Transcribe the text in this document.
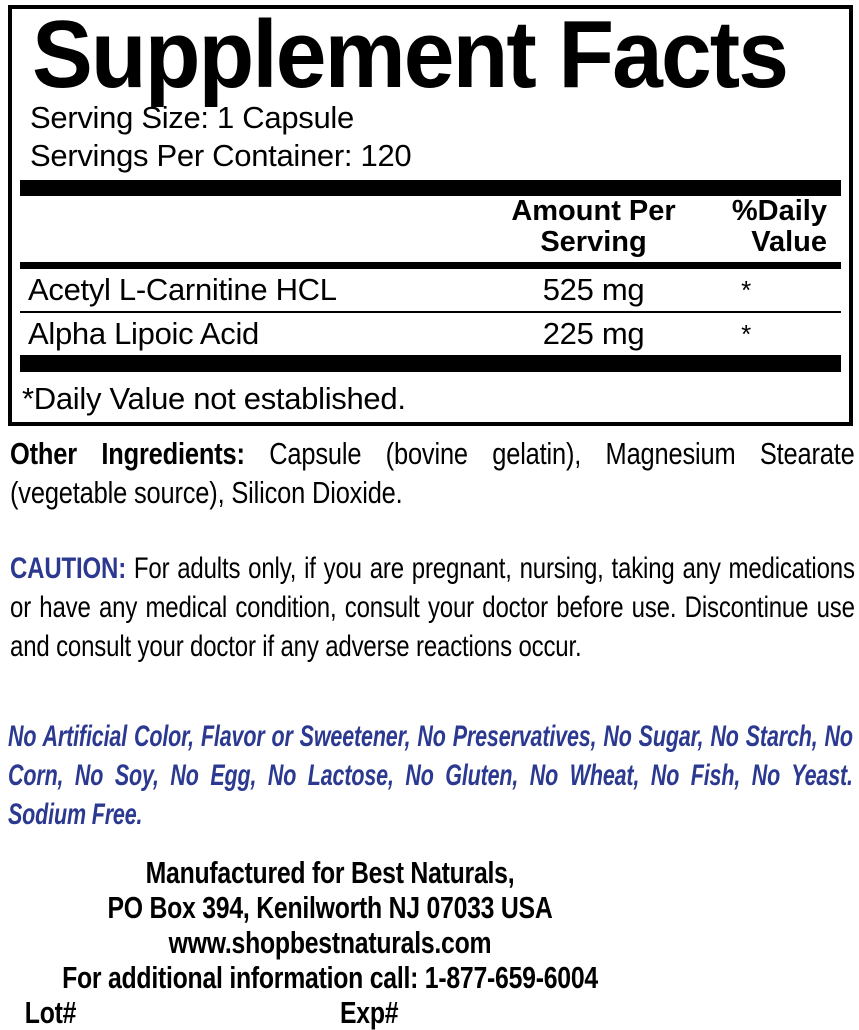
Supplement Facts
Serving Size: 1 Capsule
Servings Per Container: 120
Amount Per Serving
%Daily Value
Acetyl L-Carnitine HCL	525 mg	*
Alpha Lipoic Acid	225 mg	*
*Daily Value not established.

Other Ingredients: Capsule (bovine gelatin), Magnesium Stearate (vegetable source), Silicon Dioxide.

CAUTION: For adults only, if you are pregnant, nursing, taking any medications or have any medical condition, consult your doctor before use. Discontinue use and consult your doctor if any adverse reactions occur.

No Artificial Color, Flavor or Sweetener, No Preservatives, No Sugar, No Starch, No Corn, No Soy, No Egg, No Lactose, No Gluten, No Wheat, No Fish, No Yeast. Sodium Free.

Manufactured for Best Naturals,
PO Box 394, Kenilworth NJ 07033 USA
www.shopbestnaturals.com
For additional information call: 1-877-659-6004
Lot#	Exp#
